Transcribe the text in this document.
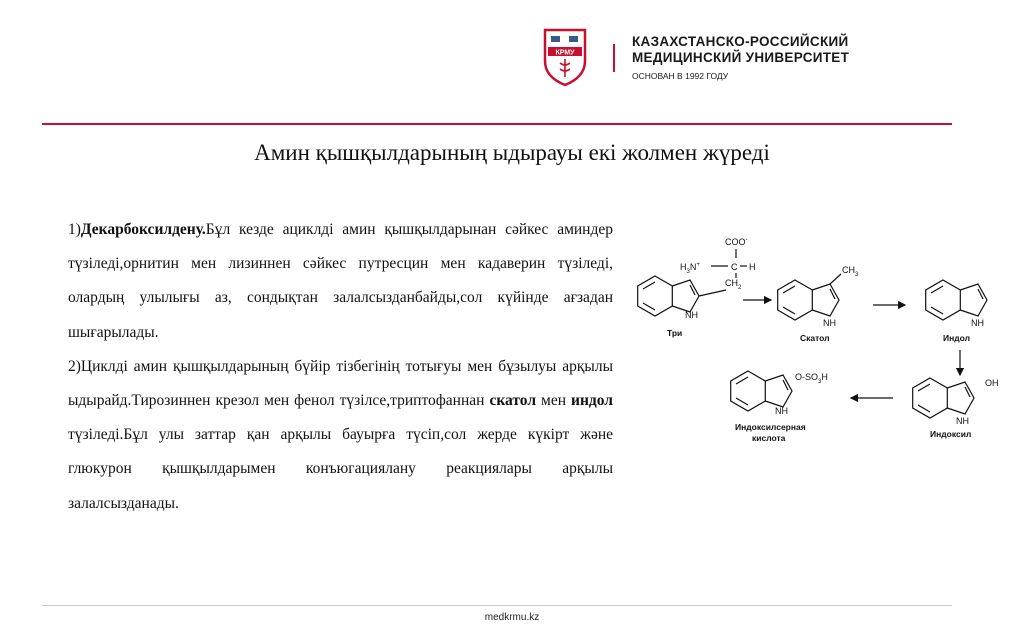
КРМУ
КАЗАХСТАНСКО-РОССИЙСКИЙ
МЕДИЦИНСКИЙ УНИВЕРСИТЕТ
ОСНОВАН В 1992 ГОДУ
Амин қышқылдарының ыдырауы екі жолмен жүреді

1)Декарбоксилдену.Бұл кезде ациклді амин қышқылдарынан сәйкес аминдер түзіледі,орнитин мен лизиннен сәйкес путресцин мен кадаверин түзіледі, олардың улылығы аз, сондықтан залалсызданбайды,сол күйінде ағзадан шығарылады.

2)Циклді амин қышқылдарының бүйір тізбегінің тотығуы мен бұзылуы арқылы ыдырайд.Тирозиннен крезол мен фенол түзілсе,триптофаннан скатол мен индол түзіледі.Бұл улы заттар қан арқылы бауырға түсіп,сол жерде күкірт және глюкурон қышқылдарымен конъюгациялану реакциялары арқылы залалсызданады.

COO-
$H_3N^+$	C H
$CH_2$
NH
Три
$CH_3$
NH
Скатол
NH
Индол
OH
NH
Индоксил
$O-SO_3H$
NH
Индоксилсерная
кислота
medkrmu.kz
